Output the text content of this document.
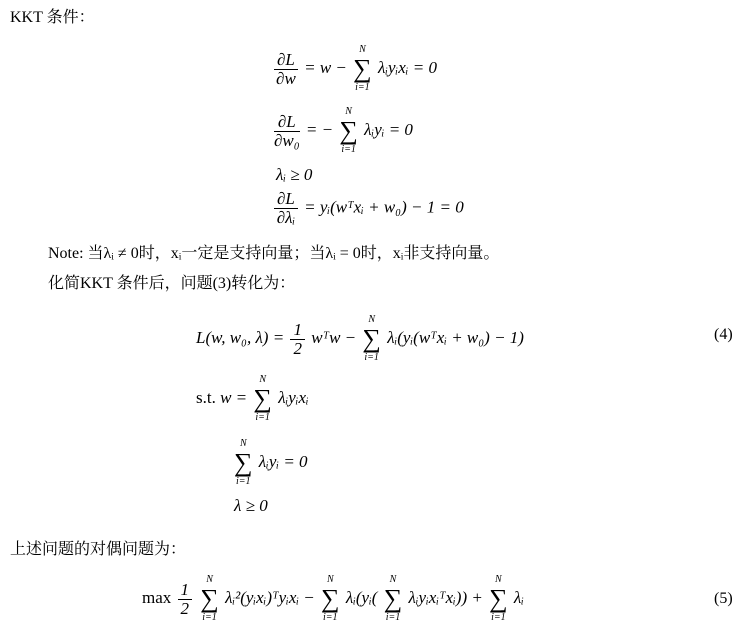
KKT 条件：
$\frac{\partial L}{\partial w} = w$ −
N
∑
i=1
λᵢyᵢxᵢ = 0
$\frac{\partial L}{\text{∂w₀}}$ = −
N
∑
i=1
λᵢyᵢ = 0
λᵢ ≥ 0
$\frac{\partial L}{\text{∂λᵢ}}$ = yᵢ(wᵀxᵢ + w₀) − 1 = 0
Note: 当λᵢ ≠ 0时，xᵢ一定是支持向量；当λᵢ = 0时，xᵢ非支持向量。
化简KKT 条件后，问题(3)转化为：
L(w, w₀, $\lambda) = \frac{1}{2}$ wᵀw −
N
∑
i=1
λᵢ(yᵢ(wᵀxᵢ + w₀) − 1)	(4)
s.t. w =
N
∑
i=1
λᵢyᵢxᵢ
N
∑
i=1
λᵢyᵢ = 0
λ ≥ 0
上述问题的对偶问题为：
$\max \frac{1}{2}$

N
∑
i=1
λᵢ²(yᵢxᵢ)ᵀyᵢxᵢ −
N
∑
i=1
λᵢ(yᵢ(
N
∑
i=1
λᵢyᵢxᵢᵀxᵢ)) +
N
∑
i=1
λᵢ	(5)
